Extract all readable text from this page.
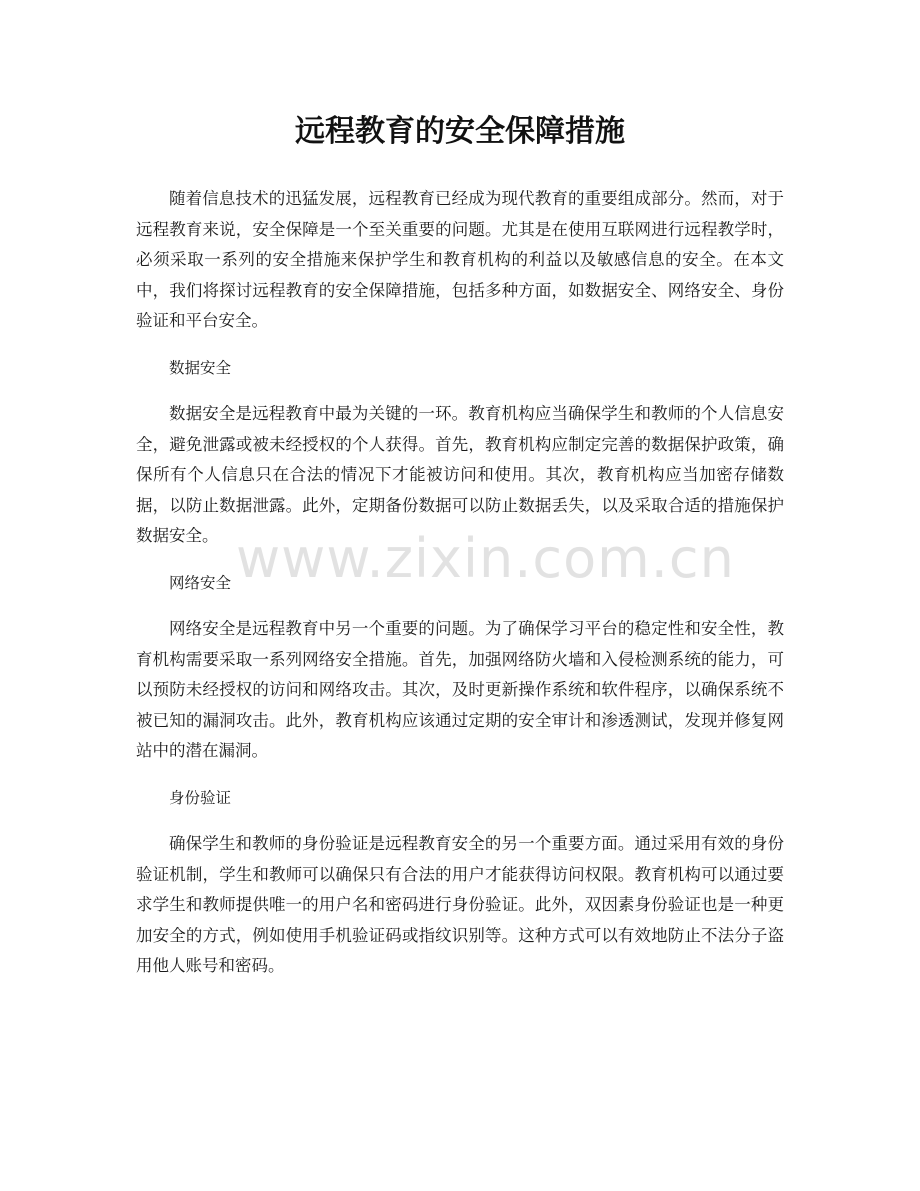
远程教育的安全保障措施

随着信息技术的迅猛发展，远程教育已经成为现代教育的重要组成部分。然而，对于远程教育来说，安全保障是一个至关重要的问题。尤其是在使用互联网进行远程教学时，必须采取一系列的安全措施来保护学生和教育机构的利益以及敏感信息的安全。在本文中，我们将探讨远程教育的安全保障措施，包括多种方面，如数据安全、网络安全、身份验证和平台安全。

数据安全

数据安全是远程教育中最为关键的一环。教育机构应当确保学生和教师的个人信息安全，避免泄露或被未经授权的个人获得。首先，教育机构应制定完善的数据保护政策，确保所有个人信息只在合法的情况下才能被访问和使用。其次，教育机构应当加密存储数据，以防止数据泄露。此外，定期备份数据可以防止数据丢失，以及采取合适的措施保护数据安全。

网络安全

网络安全是远程教育中另一个重要的问题。为了确保学习平台的稳定性和安全性，教育机构需要采取一系列网络安全措施。首先，加强网络防火墙和入侵检测系统的能力，可以预防未经授权的访问和网络攻击。其次，及时更新操作系统和软件程序，以确保系统不被已知的漏洞攻击。此外，教育机构应该通过定期的安全审计和渗透测试，发现并修复网站中的潜在漏洞。

身份验证

确保学生和教师的身份验证是远程教育安全的另一个重要方面。通过采用有效的身份验证机制，学生和教师可以确保只有合法的用户才能获得访问权限。教育机构可以通过要求学生和教师提供唯一的用户名和密码进行身份验证。此外，双因素身份验证也是一种更加安全的方式，例如使用手机验证码或指纹识别等。这种方式可以有效地防止不法分子盗用他人账号和密码。

www.zixin.com.cn
